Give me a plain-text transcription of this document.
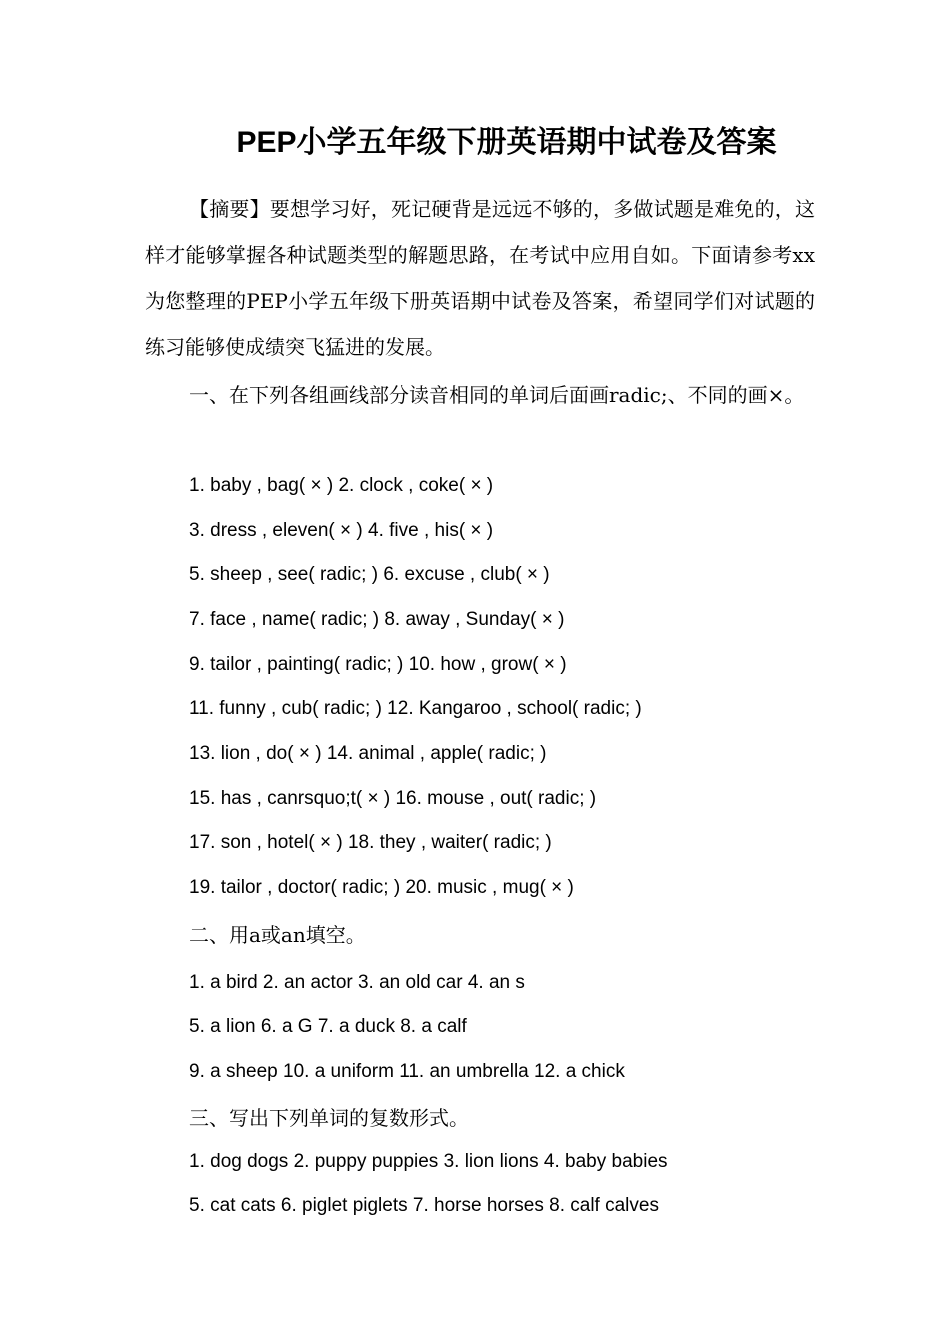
PEP小学五年级下册英语期中试卷及答案
【摘要】要想学习好，死记硬背是远远不够的，多做试题是难免的，这样才能够掌握各种试题类型的解题思路，在考试中应用自如。下面请参考xx为您整理的PEP小学五年级下册英语期中试卷及答案，希望同学们对试题的练习能够使成绩突飞猛进的发展。
一、在下列各组画线部分读音相同的单词后面画radic;、不同的画×。
1. baby , bag( × ) 2. clock , coke( × )
3. dress , eleven( × ) 4. five , his( × )
5. sheep , see( radic; ) 6. excuse , club( × )
7. face , name( radic; ) 8. away , Sunday( × )
9. tailor , painting( radic; ) 10. how , grow( × )
11. funny , cub( radic; ) 12. Kangaroo , school( radic; )
13. lion , do( × ) 14. animal , apple( radic; )
15. has , canrsquo;t( × ) 16. mouse , out( radic; )
17. son , hotel( × ) 18. they , waiter( radic; )
19. tailor , doctor( radic; ) 20. music , mug( × )
二、用a或an填空。
1. a bird 2. an actor 3. an old car 4. an s
5. a lion 6. a G 7. a duck 8. a calf
9. a sheep 10. a uniform 11. an umbrella 12. a chick
三、写出下列单词的复数形式。
1. dog dogs 2. puppy puppies 3. lion lions 4. baby babies
5. cat cats 6. piglet piglets 7. horse horses 8. calf calves
